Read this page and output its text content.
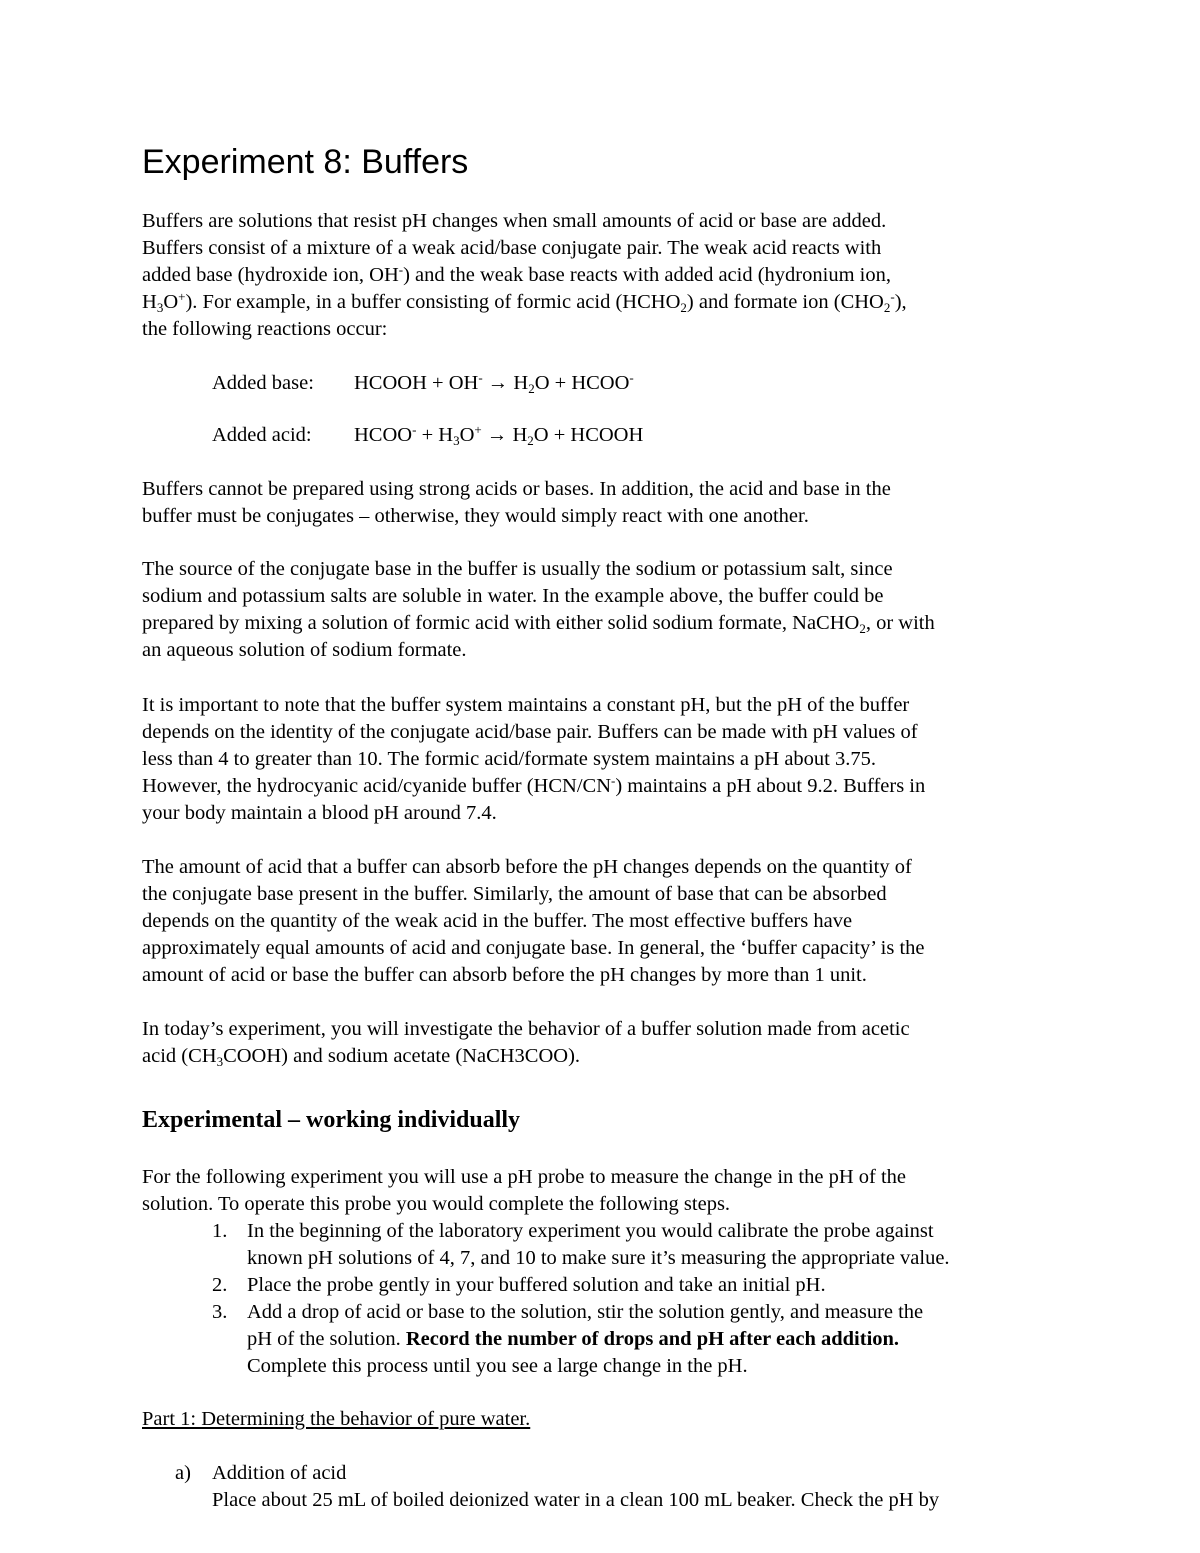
Experiment 8: Buffers

Buffers are solutions that resist pH changes when small amounts of acid or base are added.
Buffers consist of a mixture of a weak acid/base conjugate pair. The weak acid reacts with
added base (hydroxide ion, OH-) and the weak base reacts with added acid (hydronium ion,
$H_3O^+$). For example, in a buffer consisting of formic acid $(HCHO_2)$ and formate ion $(CHO_2^-)$,
the following reactions occur:

Added base: HCOOH + $OH^- \to H_2O$ + HCOO-
Added acid: HCOO- + $H_3O^+ \to H_2O$ + HCOOH

Buffers cannot be prepared using strong acids or bases. In addition, the acid and base in the
buffer must be conjugates – otherwise, they would simply react with one another.

The source of the conjugate base in the buffer is usually the sodium or potassium salt, since
sodium and potassium salts are soluble in water. In the example above, the buffer could be
prepared by mixing a solution of formic acid with either solid sodium formate, NaCHO$_2$, or with
an aqueous solution of sodium formate.

It is important to note that the buffer system maintains a constant pH, but the pH of the buffer
depends on the identity of the conjugate acid/base pair. Buffers can be made with pH values of
less than 4 to greater than 10. The formic acid/formate system maintains a pH about 3.75.
However, the hydrocyanic acid/cyanide buffer (HCN/CN-) maintains a pH about 9.2. Buffers in
your body maintain a blood pH around 7.4.

The amount of acid that a buffer can absorb before the pH changes depends on the quantity of
the conjugate base present in the buffer. Similarly, the amount of base that can be absorbed
depends on the quantity of the weak acid in the buffer. The most effective buffers have
approximately equal amounts of acid and conjugate base. In general, the ‘buffer capacity’ is the
amount of acid or base the buffer can absorb before the pH changes by more than 1 unit.

In today’s experiment, you will investigate the behavior of a buffer solution made from acetic
acid $(CH_3COOH)$ and sodium acetate (NaCH3COO).

Experimental – working individually

For the following experiment you will use a pH probe to measure the change in the pH of the
solution. To operate this probe you would complete the following steps.

1. In the beginning of the laboratory experiment you would calibrate the probe against
known pH solutions of 4, 7, and 10 to make sure it’s measuring the appropriate value.
2. Place the probe gently in your buffered solution and take an initial pH.
3. Add a drop of acid or base to the solution, stir the solution gently, and measure the
pH of the solution. Record the number of drops and pH after each addition.
Complete this process until you see a large change in the pH.
Part 1: Determining the behavior of pure water.
a) Addition of acid
Place about 25 mL of boiled deionized water in a clean 100 mL beaker. Check the pH by
